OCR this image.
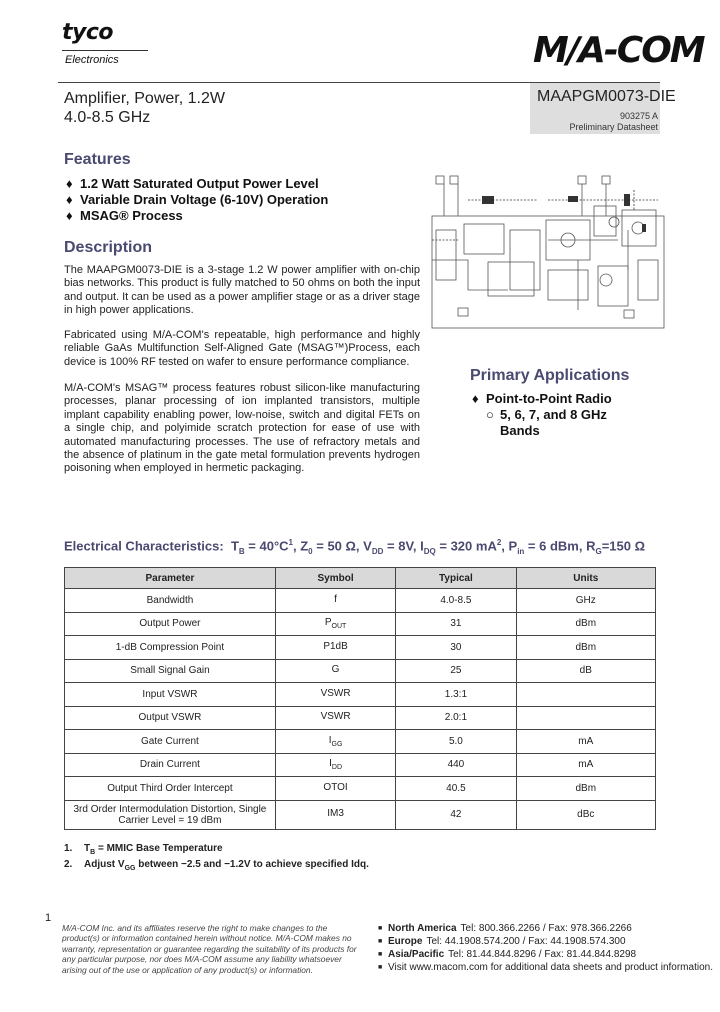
tyco
Electronics	M/A-COM
Amplifier, Power, 1.2W
4.0-8.5 GHz
MAAPGM0073-DIE
903275 A
Preliminary Datasheet
Features
♦ 1.2 Watt Saturated Output Power Level
♦ Variable Drain Voltage (6-10V) Operation
♦ MSAG® Process
Description
The MAAPGM0073-DIE is a 3-stage 1.2 W power amplifier with on-chip bias networks. This product is fully matched to 50 ohms on both the input and output. It can be used as a power amplifier stage or as a driver stage in high power applications.
Fabricated using M/A-COM's repeatable, high performance and highly reliable GaAs Multifunction Self-Aligned Gate (MSAG™)Process, each device is 100% RF tested on wafer to ensure performance compliance.
M/A-COM's MSAG™ process features robust silicon-like manufacturing processes, planar processing of ion implanted transistors, multiple implant capability enabling power, low-noise, switch and digital FETs on a single chip, and polyimide scratch protection for ease of use with automated manufacturing processes. The use of refractory metals and the absence of platinum in the gate metal formulation prevents hydrogen poisoning when employed in hermetic packaging.
Primary Applications
♦ Point-to-Point Radio
○ 5, 6, 7, and 8 GHz
Bands
Electrical Characteristics: $T_B = 40^\circ C^1$, $Z_0 = 50$ Ω, $V_{DD} = 8V$, $I_{DQ} = 320$ $mA^2$, $P_{in} = 6$ dBm, $R_G=150$ Ω
Parameter	Symbol	Typical	Units
Bandwidth	f	4.0-8.5	GHz
Output Power	$P_{OUT}$	31	dBm
1-dB Compression Point	P1dB	30	dBm
Small Signal Gain	G	25	dB
Input VSWR	VSWR	1.3:1	
Output VSWR	VSWR	2.0:1	
Gate Current	$I_{GG}$	5.0	mA
Drain Current	$I_{DD}$	440	mA
Output Third Order Intercept	OTOI	40.5	dBm
3rd Order Intermodulation Distortion, Single Carrier Level = 19 dBm	IM3	42	dBc
1.	$T_B$ = MMIC Base Temperature
2.	Adjust $V_{GG}$ between −2.5 and −1.2V to achieve specified Idq.
1
M/A-COM Inc. and its affiliates reserve the right to make changes to the product(s) or information contained herein without notice. M/A-COM makes no warranty, representation or guarantee regarding the suitability of its products for any particular purpose, nor does M/A-COM assume any liability whatsoever arising out of the use or application of any product(s) or information.
■ North America Tel: 800.366.2266 / Fax: 978.366.2266
■ Europe Tel: 44.1908.574.200 / Fax: 44.1908.574.300
■ Asia/Pacific Tel: 81.44.844.8296 / Fax: 81.44.844.8298
■ Visit www.macom.com for additional data sheets and product information.
